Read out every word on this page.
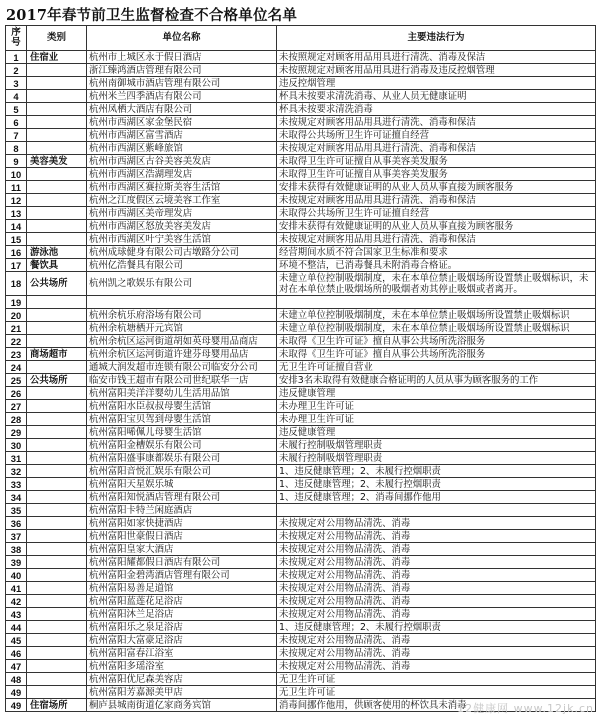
2017年春节前卫生监督检查不合格单位名单
序号	类别	单位名称	主要违法行为
1	住宿业	杭州市上城区永于假日酒店	未按照规定对顾客用品用具进行清洗、消毒及保洁
2		浙江臻鸿酒店管理有限公司	未按照规定对顾客用品用具进行消毒及违反控烟管理
3		杭州南御城市酒店管理有限公司	违反控烟管理
4		杭州米兰四季酒店有限公司	杯具未按要求清洗消毒、从业人员无健康证明
5		杭州凤栖大酒店有限公司	杯具未按要求清洗消毒
6		杭州市西湖区家金堡民宿	未按规定对顾客用品用具进行清洗、消毒和保洁
7		杭州市西湖区富雪酒店	未取得公共场所卫生许可证擅自经营
8		杭州市西湖区紫峰旅馆	未按规定对顾客用品用具进行清洗、消毒和保洁
9	美容美发	杭州市西湖区古谷美容美发店	未取得卫生许可证擅自从事美容美发服务
10		杭州市西湖区浩湖理发店	未取得卫生许可证擅自从事美容美发服务
11		杭州市西湖区赛拉斯美容生活馆	安排未获得有效健康证明的从业人员从事直接为顾客服务
12		杭州之江度假区云境美容工作室	未按规定对顾客用品用具进行清洗、消毒和保洁
13		杭州市西湖区美帝理发店	未取得公共场所卫生许可证擅自经营
14		杭州市西湖区怒放美容美发店	安排未获得有效健康证明的从业人员从事直接为顾客服务
15		杭州市西湖区叶宁美容生活馆	未按规定对顾客用品用具进行清洗、消毒和保洁
16	游泳池	杭州成球健身有限公司古墩路分公司	经营期间水质不符合国家卫生标准和要求
17	餐饮具	杭州亿浩餐具有限公司	环境不整洁，已消毒餐具未附消毒合格证。
18	公共场所	杭州凯之歌娱乐有限公司	未建立单位控制吸烟制度，未在本单位禁止吸烟场所设置禁止吸烟标识，未对在本单位禁止吸烟场所的吸烟者劝其停止吸烟或者离开。
19			
20		杭州余杭乐府浴场有限公司	未建立单位控制吸烟制度，未在本单位禁止吸烟场所设置禁止吸烟标识
21		杭州余杭塘栖开元宾馆	未建立单位控制吸烟制度，未在本单位禁止吸烟场所设置禁止吸烟标识
22		杭州余杭区运河街道胡如英母婴用品商店	未取得《卫生许可证》擅自从事公共场所洗浴服务
23	商场超市	杭州余杭区运河街道许建芬母婴用品店	未取得《卫生许可证》擅自从事公共场所洗浴服务
24		通城大润发超市连锁有限公司临安分公司	无卫生许可证擅自营业
25	公共场所	临安市钱王超市有限公司世纪联华一店	安排3名未取得有效健康合格证明的人员从事为顾客服务的工作
26		杭州富阳美洋洋婴幼儿生活用品馆	违反健康管理
27		杭州富阳水臣叔叔母婴生活馆	未办理卫生许可证
28		杭州富阳宝贝驾到母婴生活馆	未办理卫生许可证
29		杭州富阳唏佩儿母婴生活馆	违反健康管理
30		杭州富阳金槽娱乐有限公司	未履行控制吸烟管理职责
31		杭州富阳盛事康都娱乐有限公司	未履行控制吸烟管理职责
32		杭州富阳音悦汇娱乐有限公司	1、违反健康管理；2、未履行控烟职责
33		杭州富阳天星娱乐城	1、违反健康管理；2、未履行控烟职责
34		杭州富阳知悦酒店管理有限公司	1、违反健康管理；2、消毒间挪作他用
35		杭州富阳卡特兰闲庭酒店	
36		杭州富阳如家快捷酒店	未按规定对公用物品清洗、消毒
37		杭州富阳世豪假日酒店	未按规定对公用物品清洗、消毒
38		杭州富阳皇家大酒店	未按规定对公用物品清洗、消毒
39		杭州富阳耀都假日酒店有限公司	未按规定对公用物品清洗、消毒
40		杭州富阳金碧湾酒店管理有限公司	未按规定对公用物品清洗、消毒
41		杭州富阳易善足道馆	未按规定对公用物品清洗、消毒
42		杭州富阳蓝莲花足浴店	未按规定对公用物品清洗、消毒
43		杭州富阳沐兰足浴店	未按规定对公用物品清洗、消毒
44		杭州富阳乐之泉足浴店	1、违反健康管理；2、未履行控烟职责
45		杭州富阳大富豪足浴店	未按规定对公用物品清洗、消毒
46		杭州富阳富春江浴室	未按规定对公用物品清洗、消毒
47		杭州富阳多瑶浴室	未按规定对公用物品清洗、消毒
48		杭州富阳优尼森美容店	无卫生许可证
49		杭州富阳芳嘉源美甲店	无卫生许可证
49	住宿场所	桐庐县城南街道亿家商务宾馆	消毒间挪作他用，供顾客使用的杯饮具未消毒
12健康网 www.12jk.cn
